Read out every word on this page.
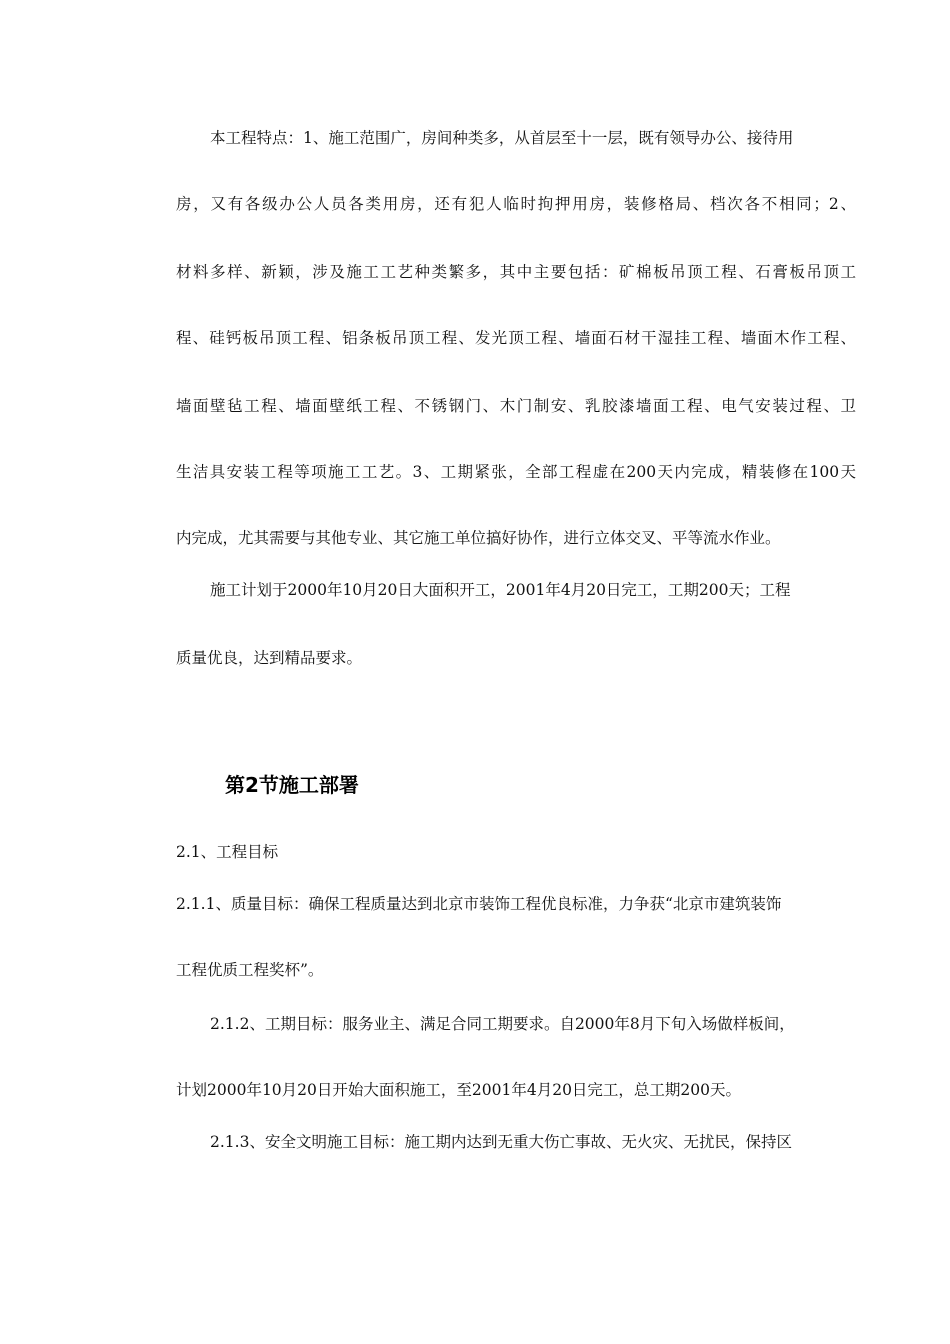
本工程特点：1、施工范围广，房间种类多，从首层至十一层，既有领导办公、接待用
房，又有各级办公人员各类用房，还有犯人临时拘押用房，装修格局、档次各不相同；2、
材料多样、新颖，涉及施工工艺种类繁多，其中主要包括：矿棉板吊顶工程、石膏板吊顶工
程、硅钙板吊顶工程、铝条板吊顶工程、发光顶工程、墙面石材干湿挂工程、墙面木作工程、
墙面壁毡工程、墙面壁纸工程、不锈钢门、木门制安、乳胶漆墙面工程、电气安装过程、卫
生洁具安装工程等项施工工艺。3、工期紧张，全部工程虚在200天内完成，精装修在100天
内完成，尤其需要与其他专业、其它施工单位搞好协作，进行立体交叉、平等流水作业。
施工计划于2000年10月20日大面积开工，2001年4月20日完工，工期200天；工程
质量优良，达到精品要求。
第2节施工部署
2.1、工程目标
2.1.1、质量目标：确保工程质量达到北京市装饰工程优良标准，力争获“北京市建筑装饰
工程优质工程奖杯”。
2.1.2、工期目标：服务业主、满足合同工期要求。自2000年8月下旬入场做样板间，
计划2000年10月20日开始大面积施工，至2001年4月20日完工，总工期200天。
2.1.3、安全文明施工目标：施工期内达到无重大伤亡事故、无火灾、无扰民，保持区
